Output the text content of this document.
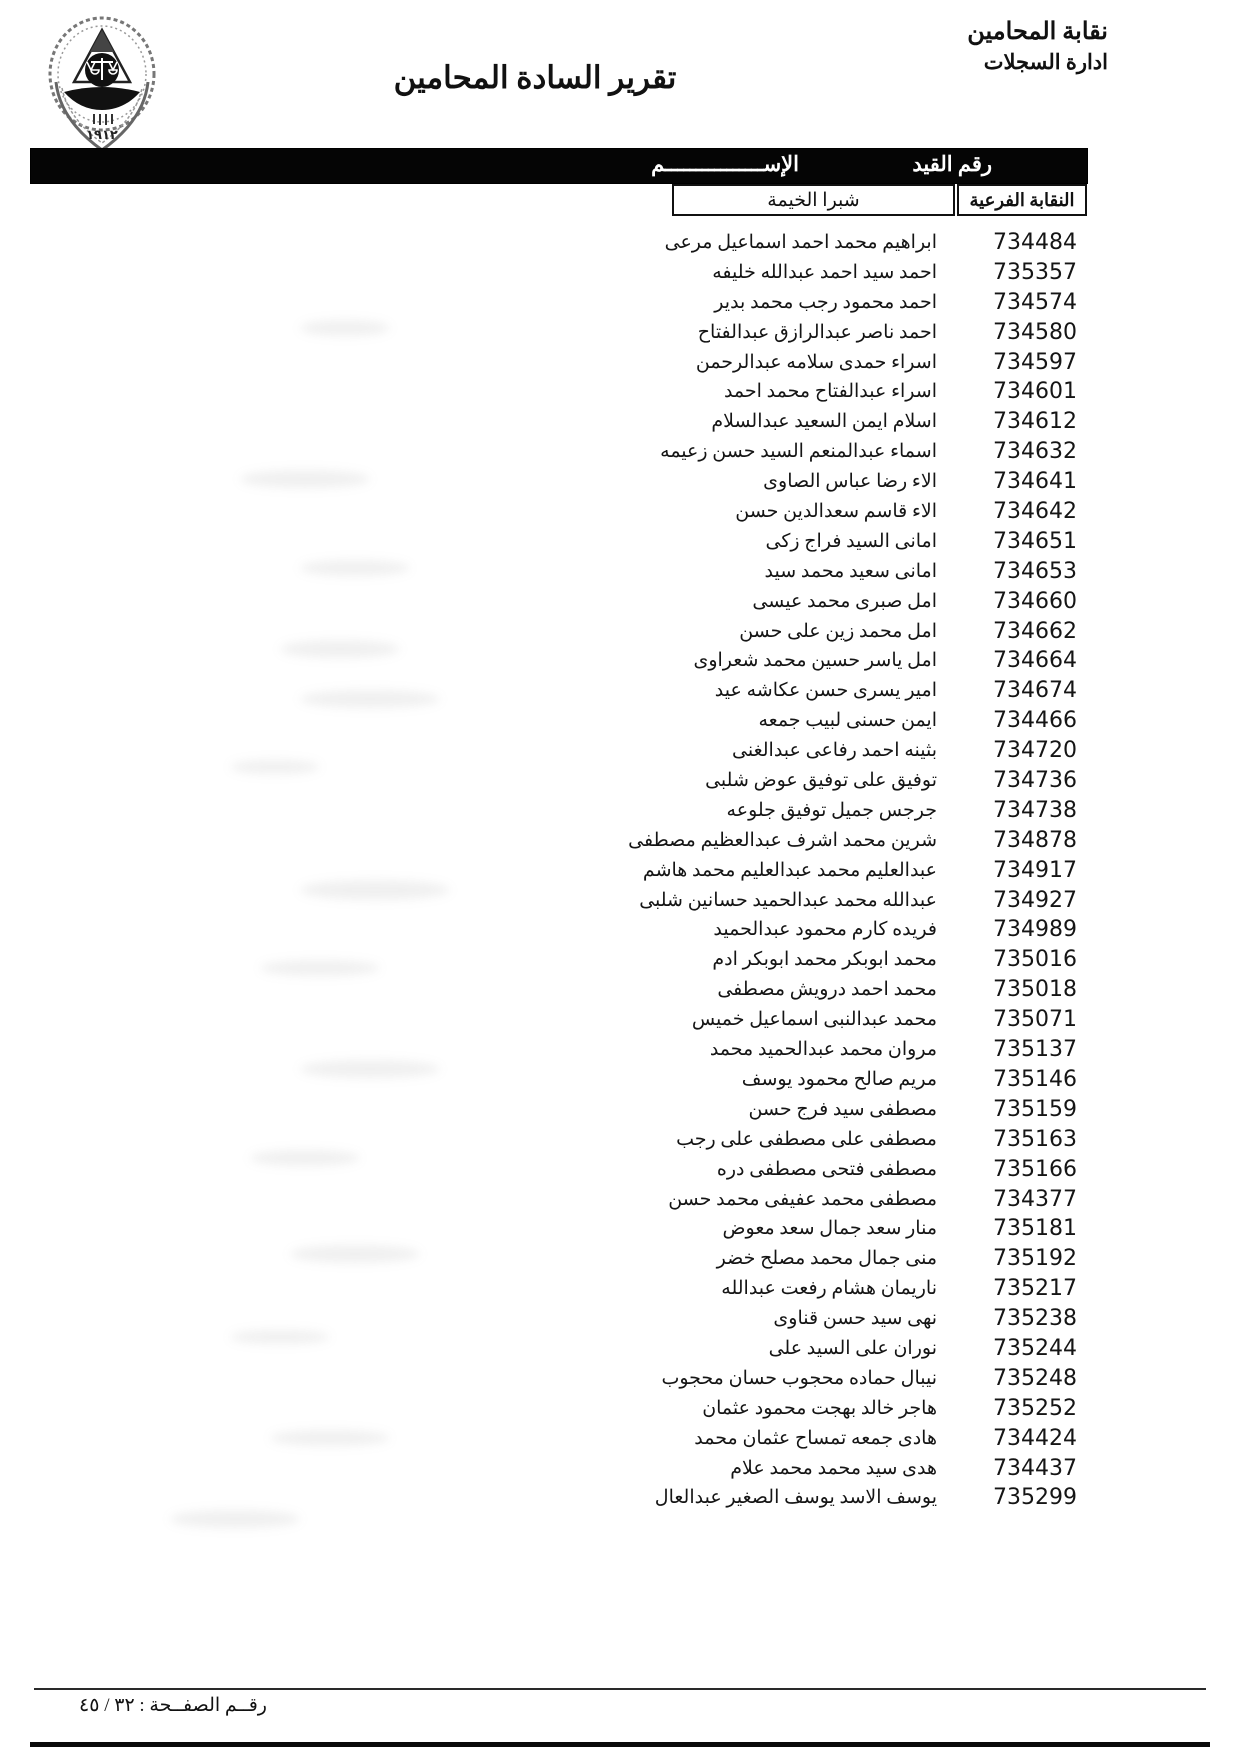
١٩١٢
نقابة المحامين
ادارة السجلات
تقرير السادة المحامين
رقم القيد
الإســــــــــــــــم
النقابة الفرعية
شبرا الخيمة
734484
ابراهيم محمد احمد اسماعيل مرعى
735357
احمد سيد احمد عبدالله خليفه
734574
احمد محمود رجب محمد بدير
734580
احمد ناصر عبدالرازق عبدالفتاح
734597
اسراء حمدى سلامه عبدالرحمن
734601
اسراء عبدالفتاح محمد احمد
734612
اسلام ايمن السعيد عبدالسلام
734632
اسماء عبدالمنعم السيد حسن زعيمه
734641
الاء رضا عباس الصاوى
734642
الاء قاسم سعدالدين حسن
734651
امانى السيد فراج زكى
734653
امانى سعيد محمد سيد
734660
امل صبرى محمد عيسى
734662
امل محمد زين على حسن
734664
امل ياسر حسين محمد شعراوى
734674
امير يسرى حسن عكاشه عيد
734466
ايمن حسنى لبيب جمعه
734720
بثينه احمد رفاعى عبدالغنى
734736
توفيق على توفيق عوض شلبى
734738
جرجس جميل توفيق جلوعه
734878
شرين محمد اشرف عبدالعظيم مصطفى
734917
عبدالعليم محمد عبدالعليم محمد هاشم
734927
عبدالله محمد عبدالحميد حسانين شلبى
734989
فريده كارم محمود عبدالحميد
735016
محمد ابوبكر محمد ابوبكر ادم
735018
محمد احمد درويش مصطفى
735071
محمد عبدالنبى اسماعيل خميس
735137
مروان محمد عبدالحميد محمد
735146
مريم صالح محمود يوسف
735159
مصطفى سيد فرج حسن
735163
مصطفى على مصطفى على رجب
735166
مصطفى فتحى مصطفى دره
734377
مصطفى محمد عفيفى محمد حسن
735181
منار سعد جمال سعد معوض
735192
منى جمال محمد مصلح خضر
735217
ناريمان هشام رفعت عبدالله
735238
نهى سيد حسن قناوى
735244
نوران على السيد على
735248
نيبال حماده محجوب حسان محجوب
735252
هاجر خالد بهجت محمود عثمان
734424
هادى جمعه تمساح عثمان محمد
734437
هدى سيد محمد محمد علام
735299
يوسف الاسد يوسف الصغير عبدالعال
رقــم الصفــحة : ٣٢ / ٤٥
